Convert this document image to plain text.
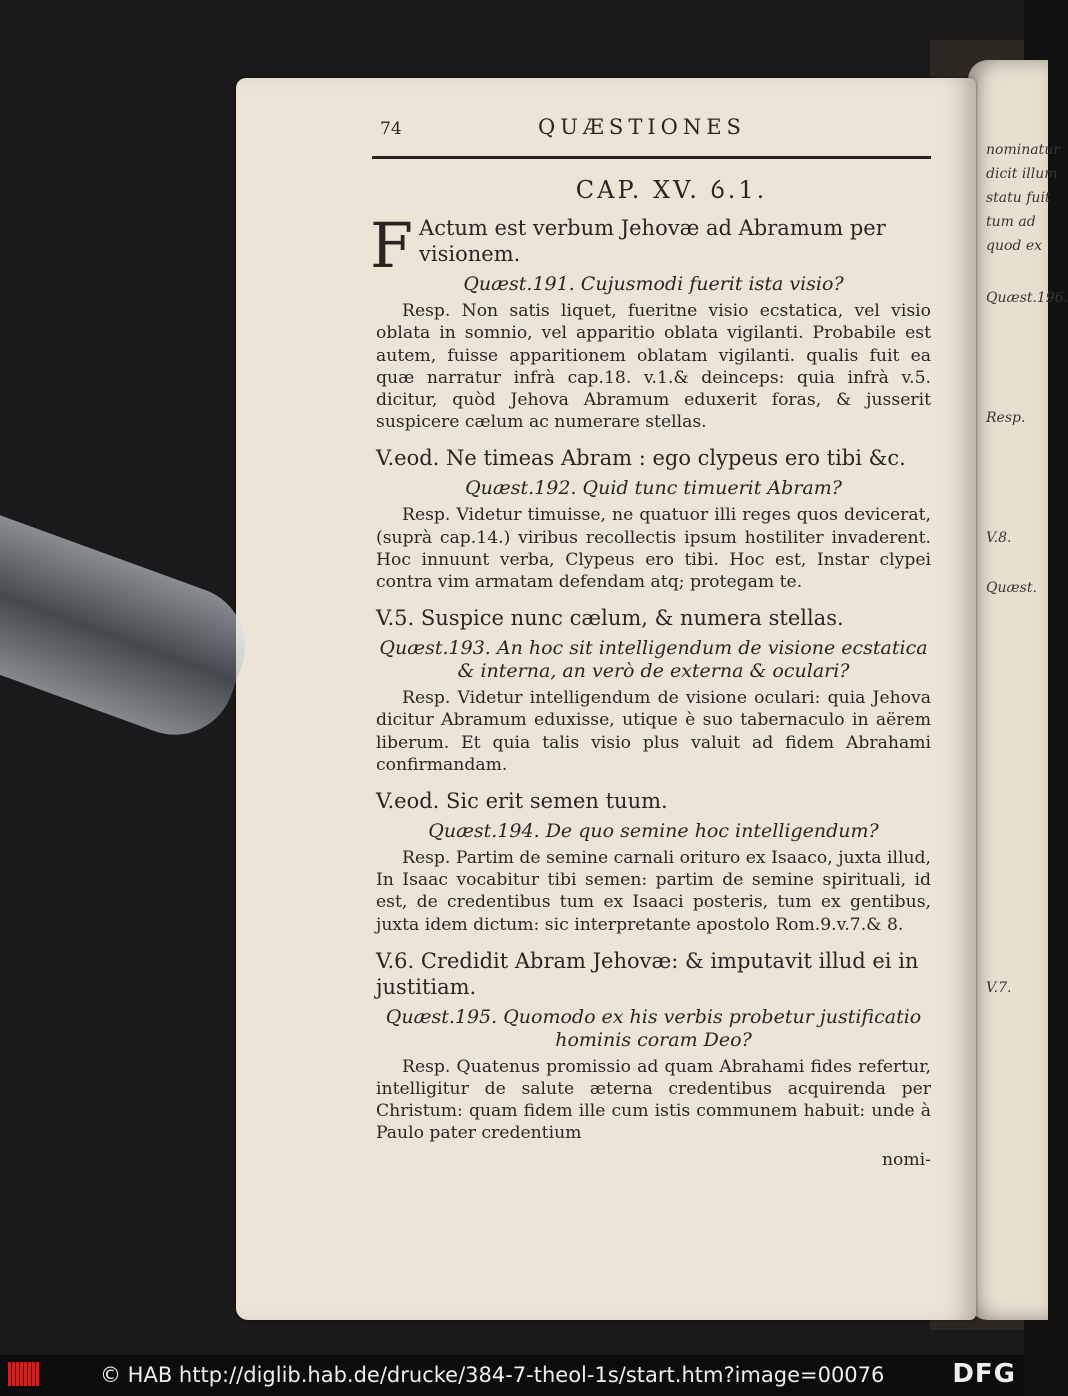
nominatur
dicit illum
statu fuit
tum ad
quod ex
Quæst.196.
Resp.
V.8.
Quæst.
V.7.
74	QUÆSTIONES
CAP. XV. ỽ.1.
F Actum est verbum Jehovæ ad Abramum per visionem.
Quæst.191. Cujusmodi fuerit ista visio?

Resp. Non satis liquet, fueritne visio ecstatica, vel visio oblata in somnio, vel apparitio oblata vigilanti. Probabile est autem, fuisse apparitionem oblatam vigilanti. qualis fuit ea quæ narratur infrà cap.18. v.1.& deinceps: quia infrà v.5. dicitur, quòd Jehova Abramum eduxerit foras, & jusserit suspicere cælum ac numerare stellas.

V.eod. Ne timeas Abram : ego clypeus ero tibi &c.
Quæst.192. Quid tunc timuerit Abram?

Resp. Videtur timuisse, ne quatuor illi reges quos devicerat, (suprà cap.14.) viribus recollectis ipsum hostiliter invaderent. Hoc innuunt verba, Clypeus ero tibi. Hoc est, Instar clypei contra vim armatam defendam atq; protegam te.

V.5. Suspice nunc cælum, & numera stellas.
Quæst.193. An hoc sit intelligendum de visione ecstatica & interna, an verò de externa & oculari?

Resp. Videtur intelligendum de visione oculari: quia Jehova dicitur Abramum eduxisse, utique è suo tabernaculo in aërem liberum. Et quia talis visio plus valuit ad fidem Abrahami confirmandam.

V.eod. Sic erit semen tuum.
Quæst.194. De quo semine hoc intelligendum?

Resp. Partim de semine carnali orituro ex Isaaco, juxta illud, In Isaac vocabitur tibi semen: partim de semine spirituali, id est, de credentibus tum ex Isaaci posteris, tum ex gentibus, juxta idem dictum: sic interpretante apostolo Rom.9.v.7.& 8.

V.6. Credidit Abram Jehovæ: & imputavit illud ei in justitiam.
Quæst.195. Quomodo ex his verbis probetur justificatio hominis coram Deo?

Resp. Quatenus promissio ad quam Abrahami fides refertur, intelligitur de salute æterna credentibus acquirenda per Christum: quam fidem ille cum istis communem habuit: unde à Paulo pater credentium

nomi-
© HAB http://diglib.hab.de/drucke/384-7-theol-1s/start.htm?image=00076	DFG
